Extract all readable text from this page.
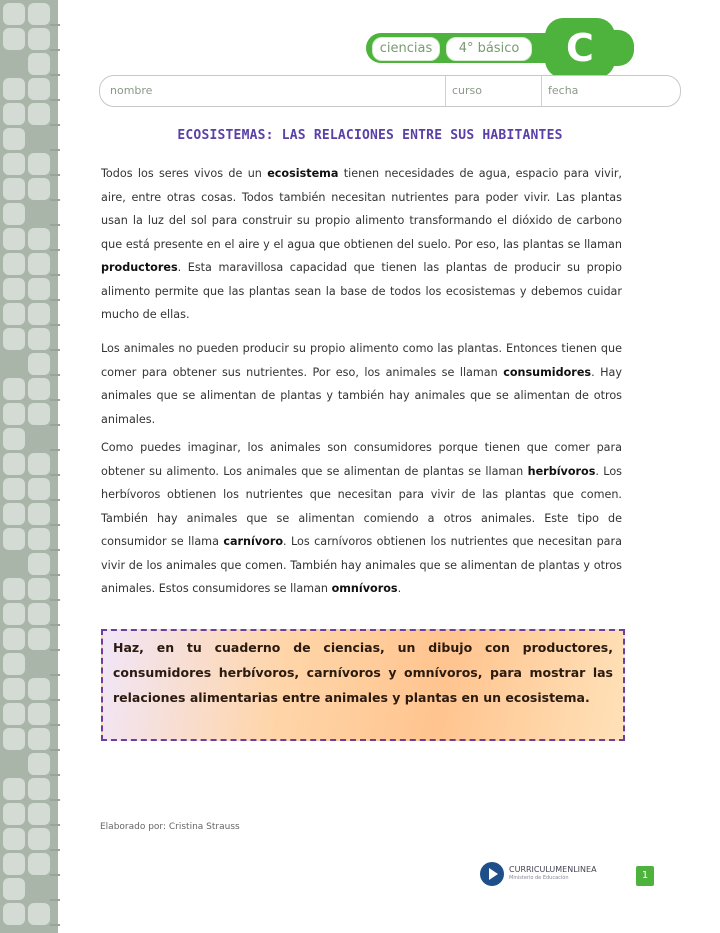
ciencias	4° básico	C
nombre	curso	fecha
ECOSISTEMAS: LAS RELACIONES ENTRE SUS HABITANTES
Todos los seres vivos de un ecosistema tienen necesidades de agua, espacio para vivir, aire, entre otras cosas. Todos también necesitan nutrientes para poder vivir. Las plantas usan la luz del sol para construir su propio alimento transformando el dióxido de carbono que está presente en el aire y el agua que obtienen del suelo. Por eso, las plantas se llaman productores. Esta maravillosa capacidad que tienen las plantas de producir su propio alimento permite que las plantas sean la base de todos los ecosistemas y debemos cuidar mucho de ellas.
Los animales no pueden producir su propio alimento como las plantas. Entonces tienen que comer para obtener sus nutrientes. Por eso, los animales se llaman consumidores. Hay animales que se alimentan de plantas y también hay animales que se alimentan de otros animales.
Como puedes imaginar, los animales son consumidores porque tienen que comer para obtener su alimento. Los animales que se alimentan de plantas se llaman herbívoros. Los herbívoros obtienen los nutrientes que necesitan para vivir de las plantas que comen. También hay animales que se alimentan comiendo a otros animales. Este tipo de consumidor se llama carnívoro. Los carnívoros obtienen los nutrientes que necesitan para vivir de los animales que comen. También hay animales que se alimentan de plantas y otros animales. Estos consumidores se llaman omnívoros.
Haz, en tu cuaderno de ciencias, un dibujo con productores, consumidores herbívoros, carnívoros y omnívoros, para mostrar las relaciones alimentarias entre animales y plantas en un ecosistema.
Elaborado por: Cristina Strauss
CURRICULUMENLINEA
Ministerio de Educación	1
